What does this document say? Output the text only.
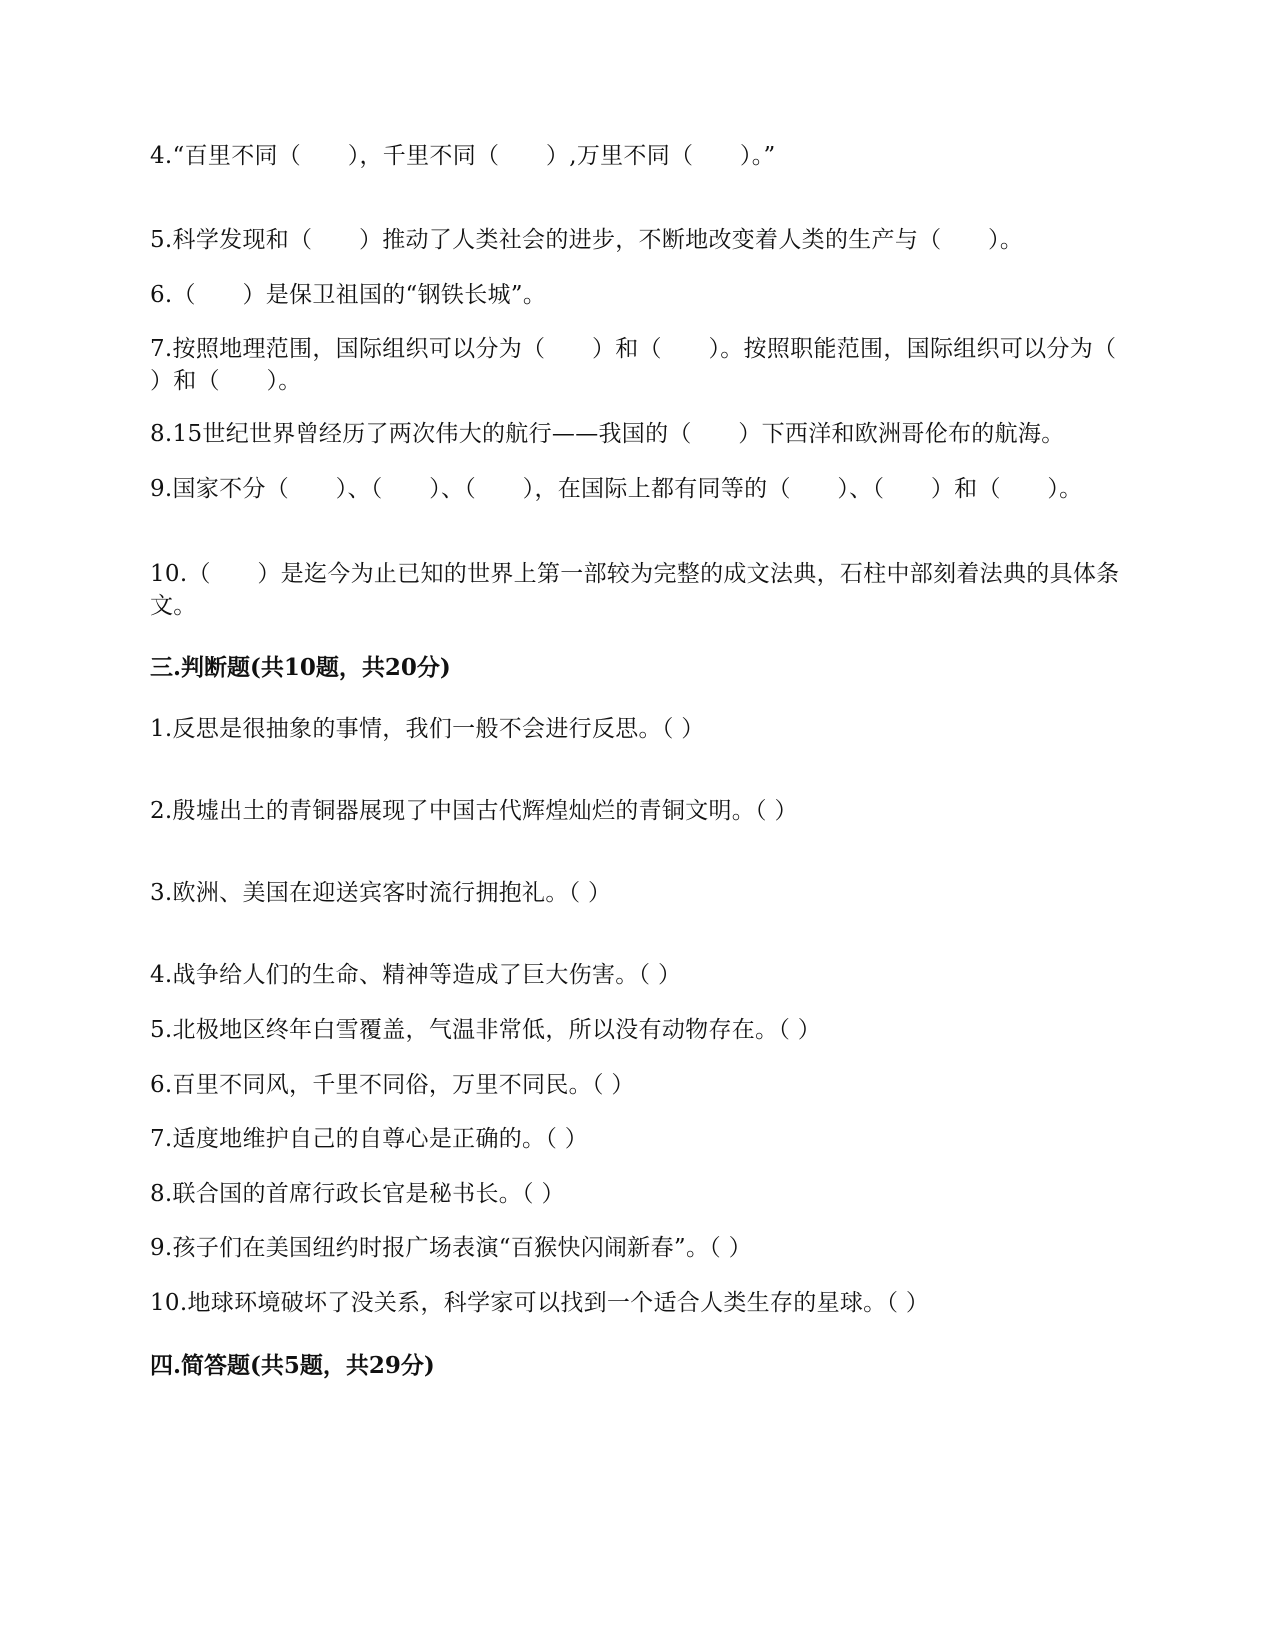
4.“百里不同（　　），千里不同（　　）,万里不同（　　）。”
5.科学发现和（　　）推动了人类社会的进步，不断地改变着人类的生产与（　　）。
6.（　　）是保卫祖国的“钢铁长城”。
7.按照地理范围，国际组织可以分为（　　）和（　　）。按照职能范围，国际组织可以分为（　　）和（　　）。
8.15世纪世界曾经历了两次伟大的航行——我国的（　　）下西洋和欧洲哥伦布的航海。
9.国家不分（　　）、（　　）、（　　），在国际上都有同等的（　　）、（　　）和（　　）。
10.（　　）是迄今为止已知的世界上第一部较为完整的成文法典，石柱中部刻着法典的具体条文。
三.判断题(共10题，共20分)
1.反思是很抽象的事情，我们一般不会进行反思。（ ）
2.殷墟出土的青铜器展现了中国古代辉煌灿烂的青铜文明。（ ）
3.欧洲、美国在迎送宾客时流行拥抱礼。（ ）
4.战争给人们的生命、精神等造成了巨大伤害。（ ）
5.北极地区终年白雪覆盖，气温非常低，所以没有动物存在。（ ）
6.百里不同风，千里不同俗，万里不同民。（ ）
7.适度地维护自己的自尊心是正确的。（ ）
8.联合国的首席行政长官是秘书长。（ ）
9.孩子们在美国纽约时报广场表演“百猴快闪闹新春”。（ ）
10.地球环境破坏了没关系，科学家可以找到一个适合人类生存的星球。（ ）
四.简答题(共5题，共29分)
